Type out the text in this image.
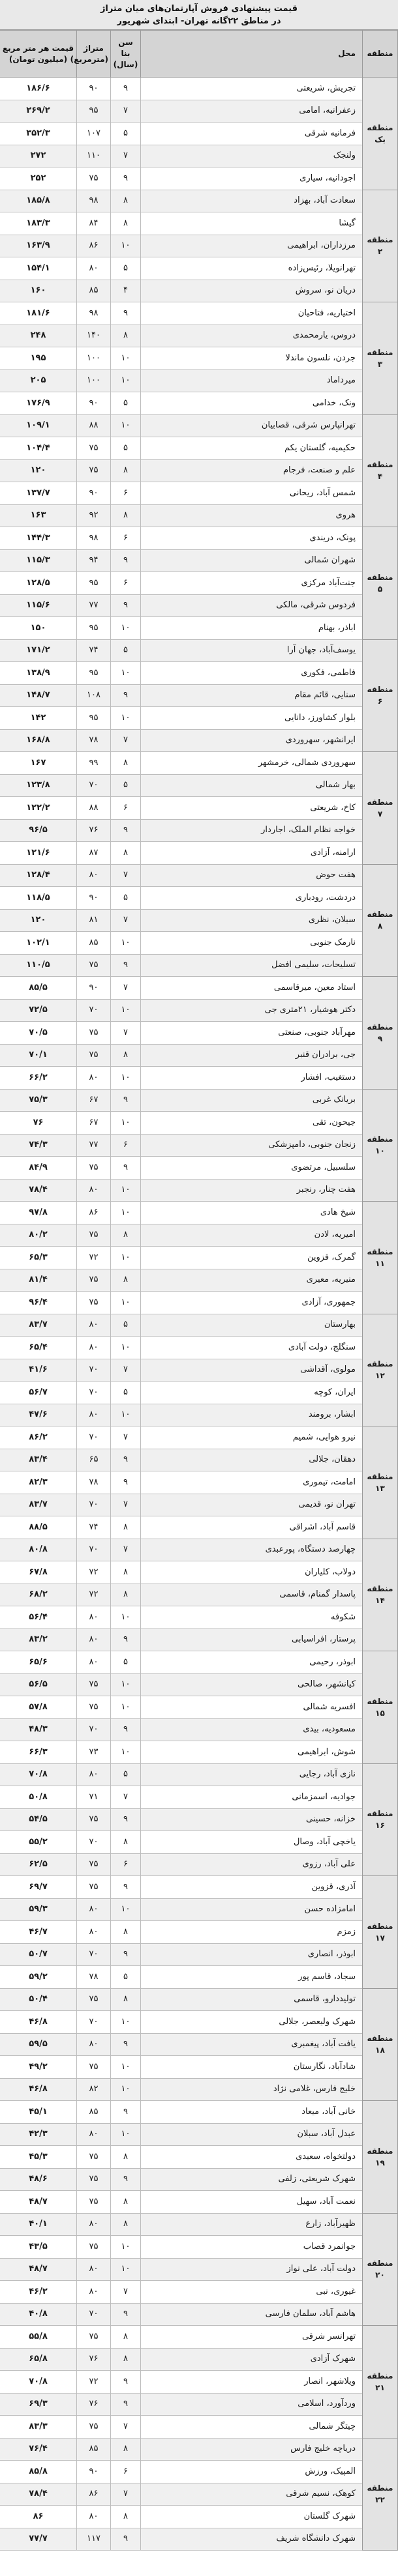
قیمت پیشنهادی فروش آپارتمان‌های میان متراژ
در مناطق ۲۲گانه تهران- ابتدای شهریور
منطقه	محل	سن بنا (سال)	متراژ (مترمربع)	قیمت هر متر مربع (میلیون تومان)
منطقه یک	تجریش، شریعتی	۹	۹۰	۱۸۶/۶
	زعفرانیه، امامی	۷	۹۵	۲۶۹/۲
	فرمانیه شرقی	۵	۱۰۷	۳۵۲/۳
	ولنجک	۷	۱۱۰	۲۷۲
	اجودانیه، سیاری	۹	۷۵	۲۵۲
منطقه ۲	سعادت آباد، بهزاد	۸	۹۸	۱۸۵/۸
	گیشا	۸	۸۴	۱۸۳/۳
	مرزداران، ابراهیمی	۱۰	۸۶	۱۶۳/۹
	تهرانویلا، رئیس‌زاده	۵	۸۰	۱۵۴/۱
	دریان نو، سروش	۴	۸۵	۱۶۰
منطقه ۳	اختیاریه، فتاحیان	۹	۹۸	۱۸۱/۶
	دروس، یارمحمدی	۸	۱۴۰	۲۴۸
	جردن، نلسون ماندلا	۱۰	۱۰۰	۱۹۵
	میرداماد	۱۰	۱۰۰	۲۰۵
	ونک، خدامی	۵	۹۰	۱۷۶/۹
منطقه ۴	تهرانپارس شرقی، قصابیان	۱۰	۸۸	۱۰۹/۱
	حکیمیه، گلستان یکم	۵	۷۵	۱۰۴/۴
	علم و صنعت، فرجام	۸	۷۵	۱۲۰
	شمس آباد، ریحانی	۶	۹۰	۱۳۷/۷
	هروی	۸	۹۲	۱۶۳
منطقه ۵	پونک، دریندی	۶	۹۸	۱۴۴/۳
	شهران شمالی	۹	۹۴	۱۱۵/۳
	جنت‌آباد مرکزی	۶	۹۵	۱۲۸/۵
	فردوس شرقی، مالکی	۹	۷۷	۱۱۵/۶
	اباذر، بهنام	۱۰	۹۵	۱۵۰
منطقه ۶	یوسف‌آباد، جهان آرا	۵	۷۴	۱۷۱/۲
	فاطمی، فکوری	۱۰	۹۵	۱۳۸/۹
	سنایی، قائم مقام	۹	۱۰۸	۱۴۸/۷
	بلوار کشاورز، دانایی	۱۰	۹۵	۱۴۲
	ایرانشهر، سهروردی	۷	۷۸	۱۶۸/۸
منطقه ۷	سهروردی شمالی، خرمشهر	۸	۹۹	۱۶۷
	بهار شمالی	۵	۷۰	۱۲۳/۸
	کاخ، شریعتی	۶	۸۸	۱۲۲/۲
	خواجه نظام الملک، اجاردار	۹	۷۶	۹۶/۵
	ارامنه، آزادی	۸	۸۷	۱۲۱/۶
منطقه ۸	هفت حوض	۷	۸۰	۱۲۸/۴
	دردشت، رودباری	۵	۹۰	۱۱۸/۵
	سبلان، نظری	۷	۸۱	۱۲۰
	نارمک جنوبی	۱۰	۸۵	۱۰۲/۱
	تسلیحات، سلیمی افضل	۹	۷۵	۱۱۰/۵
منطقه ۹	استاد معین، میرقاسمی	۷	۹۰	۸۵/۵
	دکتر هوشیار، ۲۱متری جی	۱۰	۷۰	۷۲/۵
	مهرآباد جنوبی، صنعتی	۷	۷۵	۷۰/۵
	جی، برادران قنبر	۸	۷۵	۷۰/۱
	دستغیب، افشار	۱۰	۸۰	۶۶/۲
منطقه ۱۰	بریانک غربی	۹	۶۷	۷۵/۳
	جیحون، تقی	۱۰	۶۷	۷۶
	زنجان جنوبی، دامپزشکی	۶	۷۷	۷۴/۳
	سلسبیل، مرتضوی	۹	۷۵	۸۴/۹
	هفت چنار، رنجبر	۱۰	۸۰	۷۸/۴
منطقه ۱۱	شیخ هادی	۱۰	۸۶	۹۷/۸
	امیریه، لادن	۸	۷۵	۸۰/۲
	گمرک، قزوین	۱۰	۷۲	۶۵/۳
	منیریه، معیری	۸	۷۵	۸۱/۴
	جمهوری، آزادی	۱۰	۷۵	۹۶/۴
منطقه ۱۲	بهارستان	۵	۸۰	۸۳/۷
	سنگلج، دولت آبادی	۱۰	۸۰	۶۵/۴
	مولوی، آقداشی	۷	۷۰	۴۱/۶
	ایران، کوچه	۵	۷۰	۵۶/۷
	ابشار، برومند	۱۰	۸۰	۴۷/۶
منطقه ۱۳	نیرو هوایی، شمیم	۷	۷۰	۸۶/۲
	دهقان، جلالی	۹	۶۵	۸۳/۴
	امامت، تیموری	۹	۷۸	۸۲/۳
	تهران نو، قدیمی	۷	۷۰	۸۳/۷
	قاسم آباد، اشراقی	۸	۷۴	۸۸/۵
منطقه ۱۴	چهارصد دستگاه، پورعبدی	۷	۷۰	۸۰/۸
	دولاب، کلیاران	۸	۷۲	۶۷/۸
	پاسدار گمنام، قاسمی	۸	۷۲	۶۸/۲
	شکوفه	۱۰	۸۰	۵۶/۴
	پرستار، افراسیابی	۹	۸۰	۸۳/۲
منطقه ۱۵	ابوذر، رحیمی	۵	۸۰	۶۵/۶
	کیانشهر، صالحی	۱۰	۷۵	۵۶/۵
	افسریه شمالی	۱۰	۷۵	۵۷/۸
	مسعودیه، بیدی	۹	۷۰	۴۸/۳
	شوش، ابراهیمی	۱۰	۷۳	۶۶/۳
منطقه ۱۶	نازی آباد، رجایی	۵	۸۰	۷۰/۸
	جوادیه، اسمزمانی	۷	۷۱	۵۰/۸
	خزانه، حسینی	۹	۷۵	۵۴/۵
	یاخچی آباد، وصال	۸	۷۰	۵۵/۲
	علی آباد، رزوی	۶	۷۵	۶۲/۵
منطقه ۱۷	آذری، قزوین	۹	۷۵	۶۹/۷
	امامزاده حسن	۱۰	۸۰	۵۹/۳
	زمزم	۸	۸۰	۴۶/۷
	ابوذر، انصاری	۹	۷۰	۵۰/۷
	سجاد، قاسم پور	۵	۷۸	۵۹/۲
منطقه ۱۸	تولیددارو، قاسمی	۸	۷۵	۵۰/۴
	شهرک ولیعصر، جلالی	۱۰	۷۰	۴۶/۸
	یافت آباد، پیغمبری	۹	۸۰	۵۹/۵
	شادآباد، نگارستان	۱۰	۷۵	۴۹/۲
	خلیج فارس، غلامی نژاد	۱۰	۸۲	۴۶/۸
منطقه ۱۹	خانی آباد، میعاد	۹	۸۵	۴۵/۱
	عبدل آباد، سبلان	۱۰	۸۰	۴۲/۳
	دولتخواه، سعیدی	۸	۷۵	۴۵/۳
	شهرک شریعتی، زلفی	۹	۷۵	۴۸/۶
	نعمت آباد، سهیل	۸	۷۵	۴۸/۷
منطقه ۲۰	ظهیرآباد، زارع	۸	۸۰	۴۰/۱
	جوانمرد قصاب	۱۰	۷۵	۴۳/۵
	دولت آباد، علی نواز	۱۰	۸۰	۴۸/۷
	غیوری، نبی	۷	۸۰	۴۶/۲
	هاشم آباد، سلمان فارسی	۹	۷۰	۴۰/۸
منطقه ۲۱	تهرانسر شرقی	۸	۷۵	۵۵/۸
	شهرک آزادی	۸	۷۶	۶۵/۸
	ویلاشهر، انصار	۹	۷۲	۷۰/۸
	وردآورد، اسلامی	۹	۷۶	۶۹/۳
	چیتگر شمالی	۷	۷۵	۸۳/۳
منطقه ۲۲	دریاچه خلیج فارس	۸	۸۵	۷۶/۴
	المپیک، ورزش	۶	۹۰	۸۵/۸
	کوهک، نسیم شرقی	۷	۸۶	۷۸/۴
	شهرک گلستان	۸	۸۰	۸۶
	شهرک دانشگاه شریف	۹	۱۱۷	۷۷/۷
